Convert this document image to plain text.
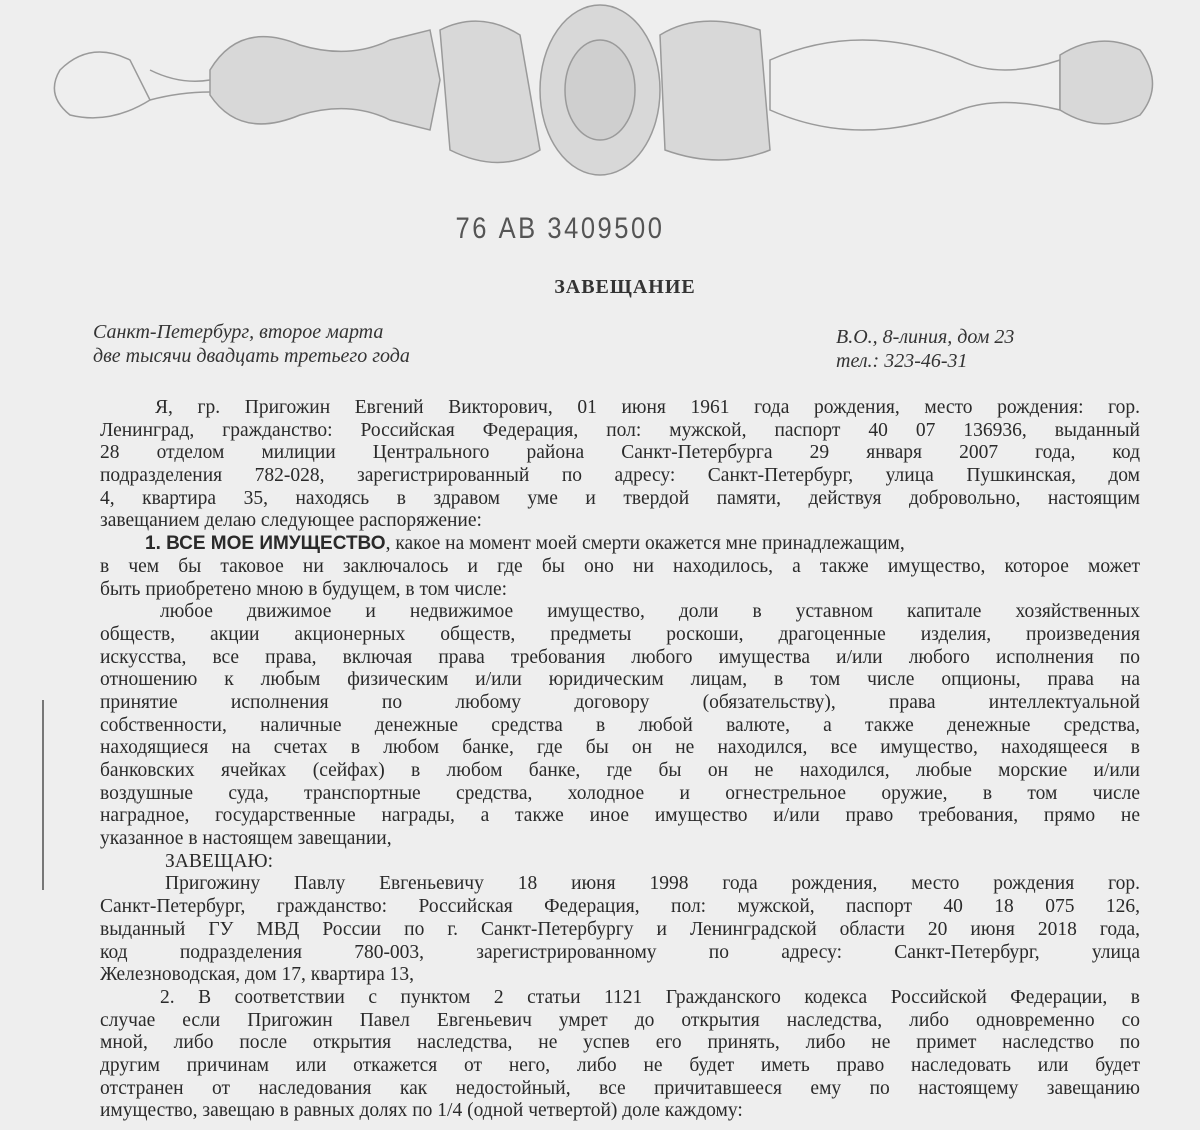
76 АВ 3409500
ЗАВЕЩАНИЕ
Санкт-Петербург, второе марта
две тысячи двадцать третьего года
В.О., 8-линия, дом 23
тел.: 323-46-31
Я, гр. Пригожин Евгений Викторович, 01 июня 1961 года рождения, место рождения: гор.
Ленинград, гражданство: Российская Федерация, пол: мужской, паспорт 40 07 136936, выданный
28 отделом милиции Центрального района Санкт-Петербурга 29 января 2007 года, код
подразделения 782-028, зарегистрированный по адресу: Санкт-Петербург, улица Пушкинская, дом
4, квартира 35, находясь в здравом уме и твердой памяти, действуя добровольно, настоящим
завещанием делаю следующее распоряжение:
1. ВСЕ МОЕ ИМУЩЕСТВО, какое на момент моей смерти окажется мне принадлежащим,
в чем бы таковое ни заключалось и где бы оно ни находилось, а также имущество, которое может
быть приобретено мною в будущем, в том числе:
любое движимое и недвижимое имущество, доли в уставном капитале хозяйственных
обществ, акции акционерных обществ, предметы роскоши, драгоценные изделия, произведения
искусства, все права, включая права требования любого имущества и/или любого исполнения по
отношению к любым физическим и/или юридическим лицам, в том числе опционы, права на
принятие исполнения по любому договору (обязательству), права интеллектуальной
собственности, наличные денежные средства в любой валюте, а также денежные средства,
находящиеся на счетах в любом банке, где бы он не находился, все имущество, находящееся в
банковских ячейках (сейфах) в любом банке, где бы он не находился, любые морские и/или
воздушные суда, транспортные средства, холодное и огнестрельное оружие, в том числе
наградное, государственные награды, а также иное имущество и/или право требования, прямо не
указанное в настоящем завещании,
ЗАВЕЩАЮ:
Пригожину Павлу Евгеньевичу 18 июня 1998 года рождения, место рождения гор.
Санкт-Петербург, гражданство: Российская Федерация, пол: мужской, паспорт 40 18 075 126,
выданный ГУ МВД России по г. Санкт-Петербургу и Ленинградской области 20 июня 2018 года,
код подразделения 780-003, зарегистрированному по адресу: Санкт-Петербург, улица
Железноводская, дом 17, квартира 13,
2. В соответствии с пунктом 2 статьи 1121 Гражданского кодекса Российской Федерации, в
случае если Пригожин Павел Евгеньевич умрет до открытия наследства, либо одновременно со
мной, либо после открытия наследства, не успев его принять, либо не примет наследство по
другим причинам или откажется от него, либо не будет иметь право наследовать или будет
отстранен от наследования как недостойный, все причитавшееся ему по настоящему завещанию
имущество, завещаю в равных долях по 1/4 (одной четвертой) доле каждому:
